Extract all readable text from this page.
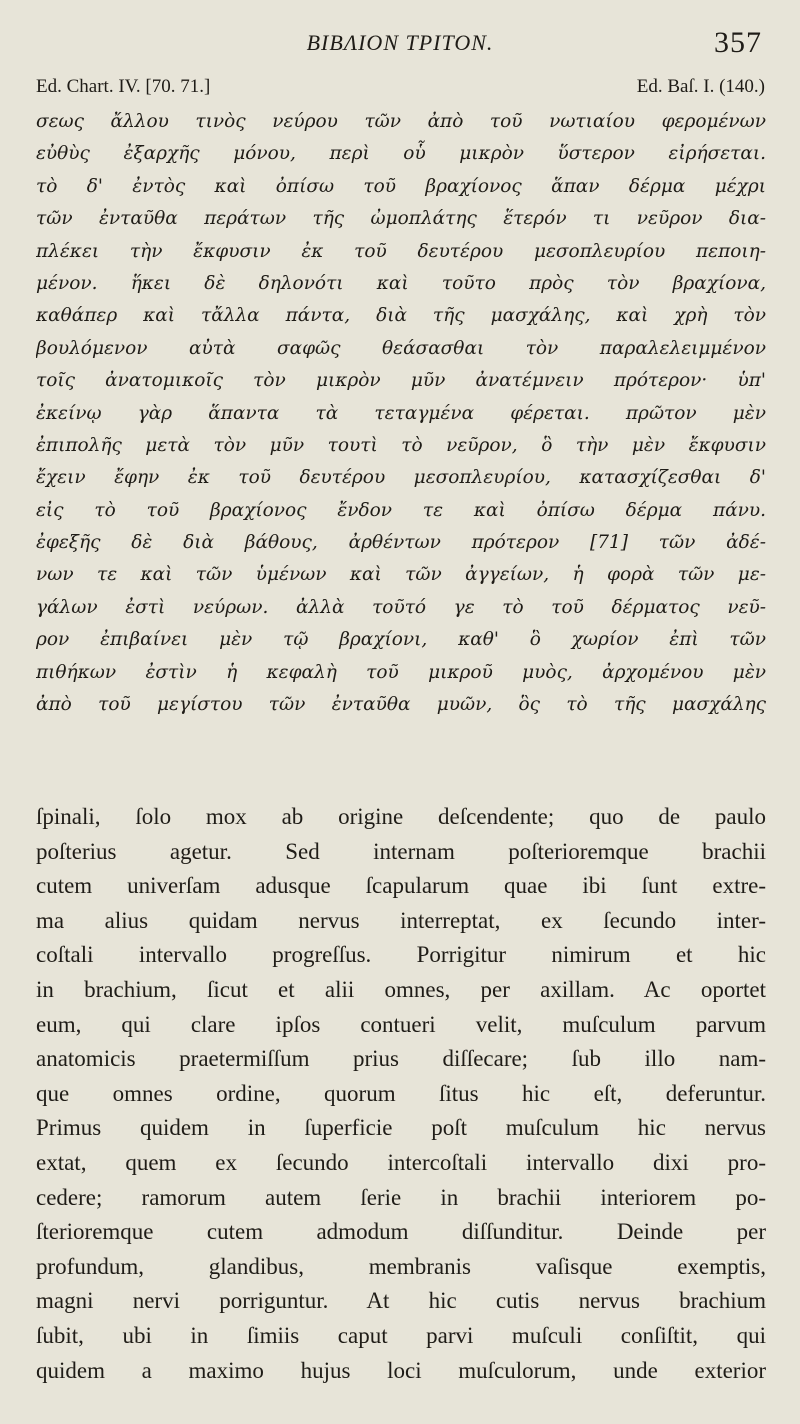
BIBΛIOΝ ΤΡΙΤΟΝ.	357
Ed. Chart. IV. [70. 71.]	Ed. Baſ. I. (140.)
σεως ἄλλου τινὸς νεύρου τῶν ἀπὸ τοῦ νωτιαίου φερομένων
εὐθὺς ἐξαρχῆς μόνου, περὶ οὗ μικρὸν ὕστερον εἰρήσεται.
τὸ δ' ἐντὸς καὶ ὀπίσω τοῦ βραχίονος ἅπαν δέρμα μέχρι
τῶν ἐνταῦθα περάτων τῆς ὠμοπλάτης ἕτερόν τι νεῦρον δια-
πλέκει τὴν ἔκφυσιν ἐκ τοῦ δευτέρου μεσοπλευρίου πεποιη-
μένον. ἥκει δὲ δηλονότι καὶ τοῦτο πρὸς τὸν βραχίονα,
καθάπερ καὶ τἄλλα πάντα, διὰ τῆς μασχάλης, καὶ χρὴ τὸν
βουλόμενον αὐτὰ σαφῶς θεάσασθαι τὸν παραλελειμμένον
τοῖς ἀνατομικοῖς τὸν μικρὸν μῦν ἀνατέμνειν πρότερον· ὑπ'
ἐκείνῳ γὰρ ἅπαντα τὰ τεταγμένα φέρεται. πρῶτον μὲν
ἐπιπολῆς μετὰ τὸν μῦν τουτὶ τὸ νεῦρον, ὃ τὴν μὲν ἔκφυσιν
ἔχειν ἔφην ἐκ τοῦ δευτέρου μεσοπλευρίου, κατασχίζεσθαι δ'
εἰς τὸ τοῦ βραχίονος ἔνδον τε καὶ ὀπίσω δέρμα πάνυ.
ἐφεξῆς δὲ διὰ βάθους, ἀρθέντων πρότερον [71] τῶν ἀδέ-
νων τε καὶ τῶν ὑμένων καὶ τῶν ἀγγείων, ἡ φορὰ τῶν με-
γάλων ἐστὶ νεύρων. ἀλλὰ τοῦτό γε τὸ τοῦ δέρματος νεῦ-
ρον ἐπιβαίνει μὲν τῷ βραχίονι, καθ' ὃ χωρίον ἐπὶ τῶν
πιθήκων ἐστὶν ἡ κεφαλὴ τοῦ μικροῦ μυὸς, ἀρχομένου μὲν
ἀπὸ τοῦ μεγίστου τῶν ἐνταῦθα μυῶν, ὃς τὸ τῆς μασχάλης
ſpinali, ſolo mox ab origine deſcendente; quo de paulo
poſterius agetur. Sed internam poſterioremque brachii
cutem univerſam adusque ſcapularum quae ibi ſunt extre-
ma alius quidam nervus interreptat, ex ſecundo inter-
coſtali intervallo progreſſus. Porrigitur nimirum et hic
in brachium, ſicut et alii omnes, per axillam. Ac oportet
eum, qui clare ipſos contueri velit, muſculum parvum
anatomicis praetermiſſum prius diſſecare; ſub illo nam-
que omnes ordine, quorum ſitus hic eſt, deferuntur.
Primus quidem in ſuperficie poſt muſculum hic nervus
extat, quem ex ſecundo intercoſtali intervallo dixi pro-
cedere; ramorum autem ſerie in brachii interiorem po-
ſterioremque cutem admodum diſſunditur. Deinde per
profundum, glandibus, membranis vaſisque exemptis,
magni nervi porriguntur. At hic cutis nervus brachium
ſubit, ubi in ſimiis caput parvi muſculi conſiſtit, qui
quidem a maximo hujus loci muſculorum, unde exterior
